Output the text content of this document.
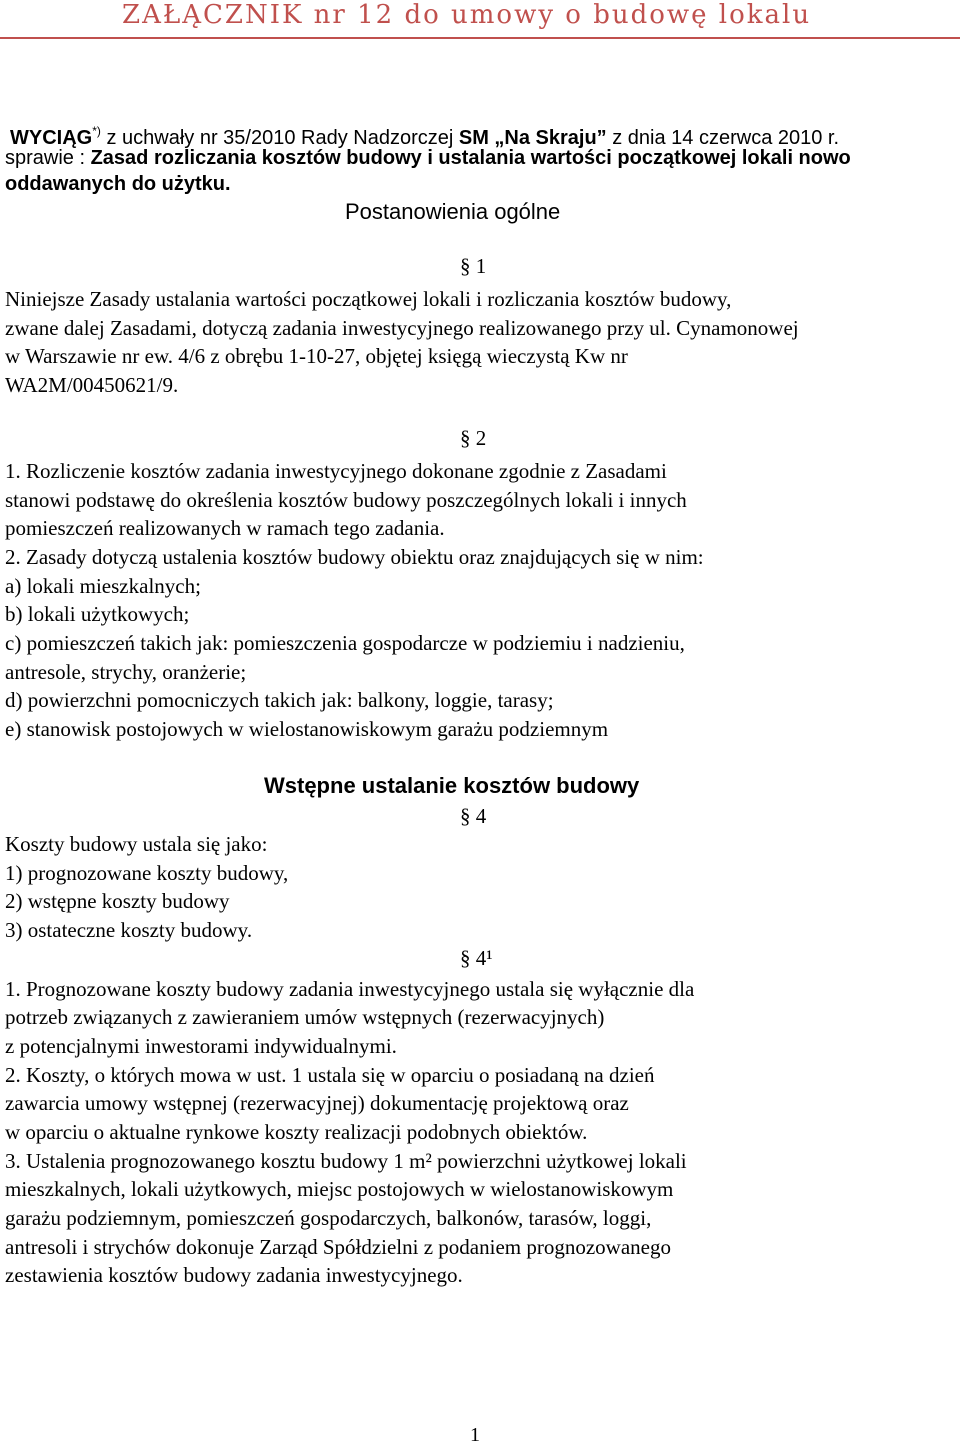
ZAŁĄCZNIK nr 12 do umowy o budowę lokalu
WYCIĄG*) z uchwały nr 35/2010 Rady Nadzorczej SM „Na Skraju” z dnia 14 czerwca 2010 r.
sprawie : Zasad rozliczania kosztów budowy i ustalania wartości początkowej lokali nowo
oddawanych do użytku.
Postanowienia ogólne
§ 1
Niniejsze Zasady ustalania wartości początkowej lokali i rozliczania kosztów budowy,
zwane dalej Zasadami, dotyczą zadania inwestycyjnego realizowanego przy ul. Cynamonowej
w Warszawie nr ew. 4/6 z obrębu 1-10-27, objętej księgą wieczystą Kw nr
WA2M/00450621/9.
§ 2
1. Rozliczenie kosztów zadania inwestycyjnego dokonane zgodnie z Zasadami
stanowi podstawę do określenia kosztów budowy poszczególnych lokali i innych
pomieszczeń realizowanych w ramach tego zadania.
2. Zasady dotyczą ustalenia kosztów budowy obiektu oraz znajdujących się w nim:
a) lokali mieszkalnych;
b) lokali użytkowych;
c) pomieszczeń takich jak: pomieszczenia gospodarcze w podziemiu i nadzieniu,
antresole, strychy, oranżerie;
d) powierzchni pomocniczych takich jak: balkony, loggie, tarasy;
e) stanowisk postojowych w wielostanowiskowym garażu podziemnym
Wstępne ustalanie kosztów budowy
§ 4
Koszty budowy ustala się jako:
1) prognozowane koszty budowy,
2) wstępne koszty budowy
3) ostateczne koszty budowy.
§ 4¹
1. Prognozowane koszty budowy zadania inwestycyjnego ustala się wyłącznie dla
potrzeb związanych z zawieraniem umów wstępnych (rezerwacyjnych)
z potencjalnymi inwestorami indywidualnymi.
2. Koszty, o których mowa w ust. 1 ustala się w oparciu o posiadaną na dzień
zawarcia umowy wstępnej (rezerwacyjnej) dokumentację projektową oraz
w oparciu o aktualne rynkowe koszty realizacji podobnych obiektów.
3. Ustalenia prognozowanego kosztu budowy 1 m² powierzchni użytkowej lokali
mieszkalnych, lokali użytkowych, miejsc postojowych w wielostanowiskowym
garażu podziemnym, pomieszczeń gospodarczych, balkonów, tarasów, loggi,
antresoli i strychów dokonuje Zarząd Spółdzielni z podaniem prognozowanego
zestawienia kosztów budowy zadania inwestycyjnego.
1
